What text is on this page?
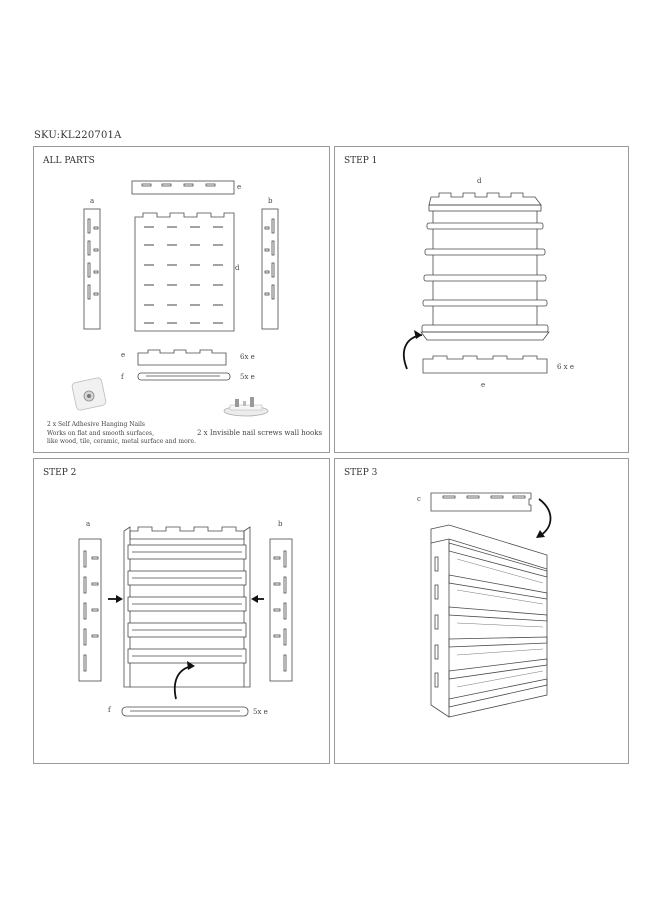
SKU:KL220701A
ALL PARTS
a	b
e
d
e
f
6x e
5x e
2 x Self Adhesive Hanging Nails
Works on flat and smooth surfaces,
like wood, tile, ceramic, metal surface and more.
2 x Invisible nail screws wall hooks
STEP 1
d
e
6 x e
STEP 2
a	b
f	5x e
STEP 3
c
